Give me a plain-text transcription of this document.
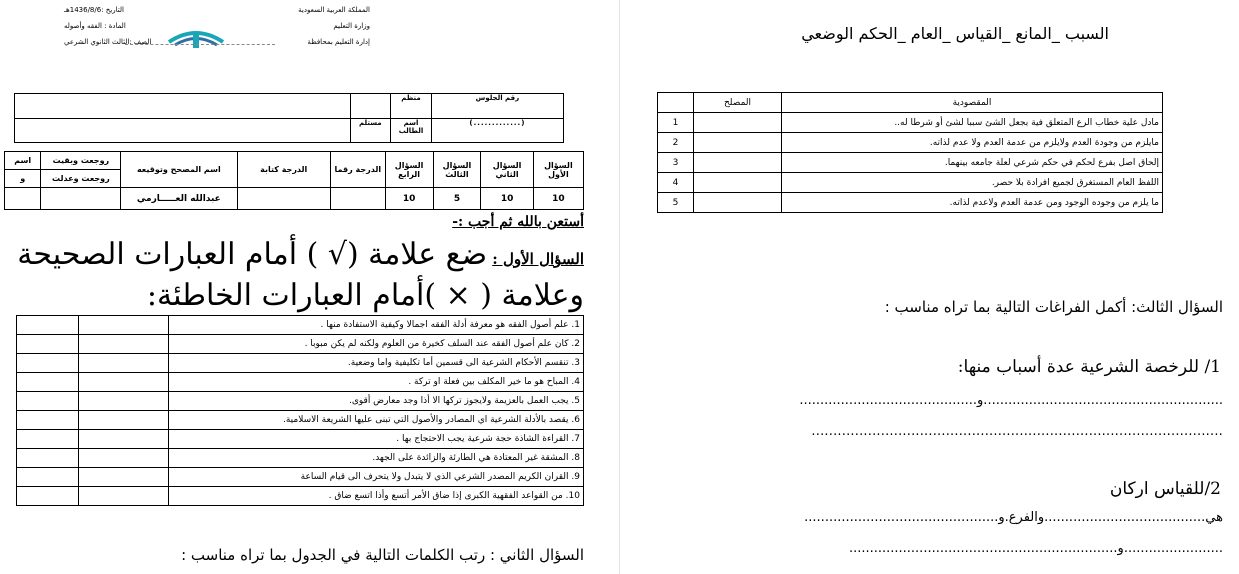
التاريخ :1436/8/6هـ
المادة : الفقه وأصوله
الصف :الثالث الثانوي الشرعي
المملكة العربية السعودية
وزارة التعليم
إدارة التعليم بمحافظة
		منظم	رقم الجلوس
	مستلم	اسم الطالب	(.............)
اسم	روجعت وبقيت	اسم المصحح وتوقيعه	الدرجة كتابة	الدرجة رقما	السؤال الرابع	السؤال الثالث	السؤال الثاني	السؤال الأول
و	روجعت وعدلت							
		عبدالله العـــــارمي			10	5	10	10
أستعن بالله ثم أجب :-
السؤال الأول : ضع علامة (√ ) أمام العبارات الصحيحة
وعلامة ( × )أمام العبارات الخاطئة:
		1. علم أصول الفقه هو معرفة أدلة الفقه اجمالا وكيفية الاستفادة منها .
		2. كان علم أصول الفقه عند السلف كخيرة من العلوم ولكنه لم يكن مبوبا .
		3. تنقسم الأحكام الشرعية الى قسمين أما تكليفية واما وضعية.
		4. المباح هو ما خير المكلف بين فعلة او تركة .
		5. يجب العمل بالعزيمة ولايجوز تركها الا أذا وجد معارض أقوى.
		6. يقصد بالأدلة الشرعية اي المصادر والأصول التي تبنى عليها الشريعة الاسلامية.
		7. القراءة الشاذة حجة شرعية يجب الاحتجاج بها .
		8. المشقة غير المعتادة هي الطارئة والزائدة على الجهد.
		9. القران الكريم المصدر الشرعي الذي لا يتبدل ولا يتحرف الى قيام الساعة
		10. من القواعد الفقهية الكبرى إذا ضاق الأمر أتسع وأذا اتسع ضاق .
السؤال الثاني : رتب الكلمات التالية في الجدول بما تراه مناسب :
السبب _المانع _القياس _العام _الحكم الوضعي
	المصلح	المقصودية
1		مادل علية خطاب الرع المتعلق فية بجعل الشئ سببا لشئ أو شرطا له..
2		مايلزم من وجودة العدم ولايلزم من عدمة العدم ولا عدم لذاته.
3		إلحاق اصل بفرع لحكم في حكم شرعي لعلة جامعه بينهما.
4		اللفظ العام المستغرق لجميع افرادة بلا حصر.
5		ما يلزم من وجوده الوجود ومن عدمة العدم ولاعدم لذاته.
السؤال الثالث: أكمل الفراغات التالية بما تراه مناسب :
1/ للرخصة الشرعية عدة أسباب منها:
..........................................................و...........................................
...............................................................................................
2/للقياس اركان
هي.......................................والفرع.و...............................................
........................و.................................................................
